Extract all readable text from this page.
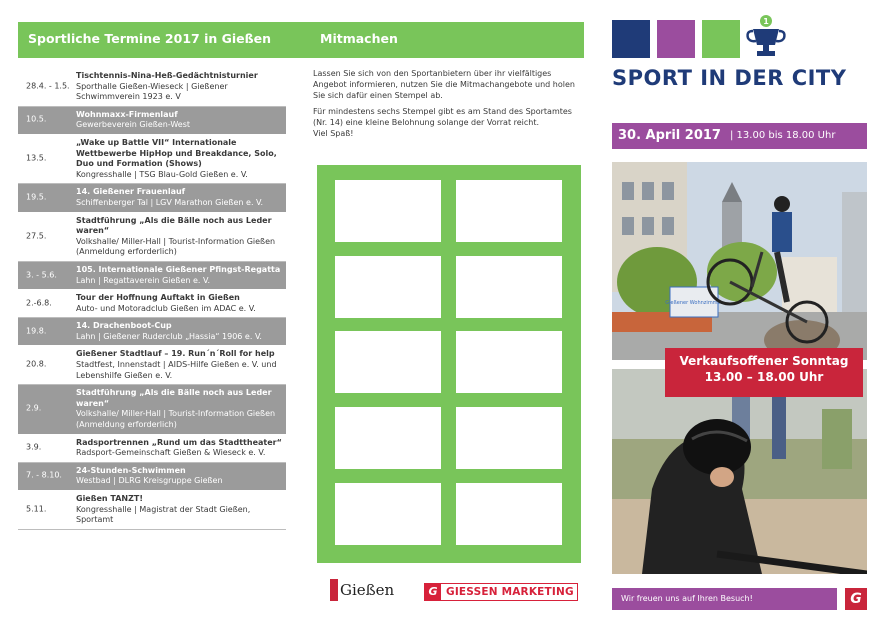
Sportliche Termine 2017 in Gießen	Mitmachen
28.4. - 1.5.
Tischtennis-Nina-Heß-Gedächtnisturnier
Sporthalle Gießen-Wieseck | Gießener Schwimmverein 1923 e. V
10.5.
Wohnmaxx-Firmenlauf
Gewerbeverein Gießen-West
13.5.
„Wake up Battle VII“ Internationale Wettbewerbe HipHop und Breakdance, Solo, Duo und Formation (Shows)
Kongresshalle | TSG Blau-Gold Gießen e. V.
19.5.
14. Gießener Frauenlauf
Schiffenberger Tal | LGV Marathon Gießen e. V.
27.5.
Stadtführung „Als die Bälle noch aus Leder waren“
Volkshalle/ Miller-Hall | Tourist-Information Gießen (Anmeldung erforderlich)
3. - 5.6.
105. Internationale Gießener Pfingst-Regatta
Lahn | Regattaverein Gießen e. V.
2.-6.8.
Tour der Hoffnung Auftakt in Gießen
Auto- und Motoradclub Gießen im ADAC e. V.
19.8.
14. Drachenboot-Cup
Lahn | Gießener Ruderclub „Hassia“ 1906 e. V.
20.8.
Gießener Stadtlauf – 19. Run´n´Roll for help
Stadtfest, Innenstadt | AIDS-Hilfe Gießen e. V. und Lebenshilfe Gießen e. V.
2.9.
Stadtführung „Als die Bälle noch aus Leder waren“
Volkshalle/ Miller-Hall | Tourist-Information Gießen (Anmeldung erforderlich)
3.9.
Radsportrennen „Rund um das Stadttheater“
Radsport-Gemeinschaft Gießen & Wieseck e. V.
7. - 8.10.
24-Stunden-Schwimmen
Westbad | DLRG Kreisgruppe Gießen
5.11.
Gießen TANZT!
Kongresshalle | Magistrat der Stadt Gießen, Sportamt

Lassen Sie sich von den Sportanbietern über ihr vielfältiges Angebot informieren, nutzen Sie die Mitmachangebote und holen Sie sich dafür einen Stempel ab.

Für mindestens sechs Stempel gibt es am Stand des Sportamtes (Nr. 14) eine kleine Belohnung solange der Vorrat reicht.

Viel Spaß!

Gießen	G GIESSEN MARKETING
1
SPORT IN DER CITY
30. April 2017 | 13.00 bis 18.00 Uhr
Gießener Wohnzimmer
Verkaufsoffener Sonntag
13.00 – 18.00 Uhr
Wir freuen uns auf Ihren Besuch!	G
